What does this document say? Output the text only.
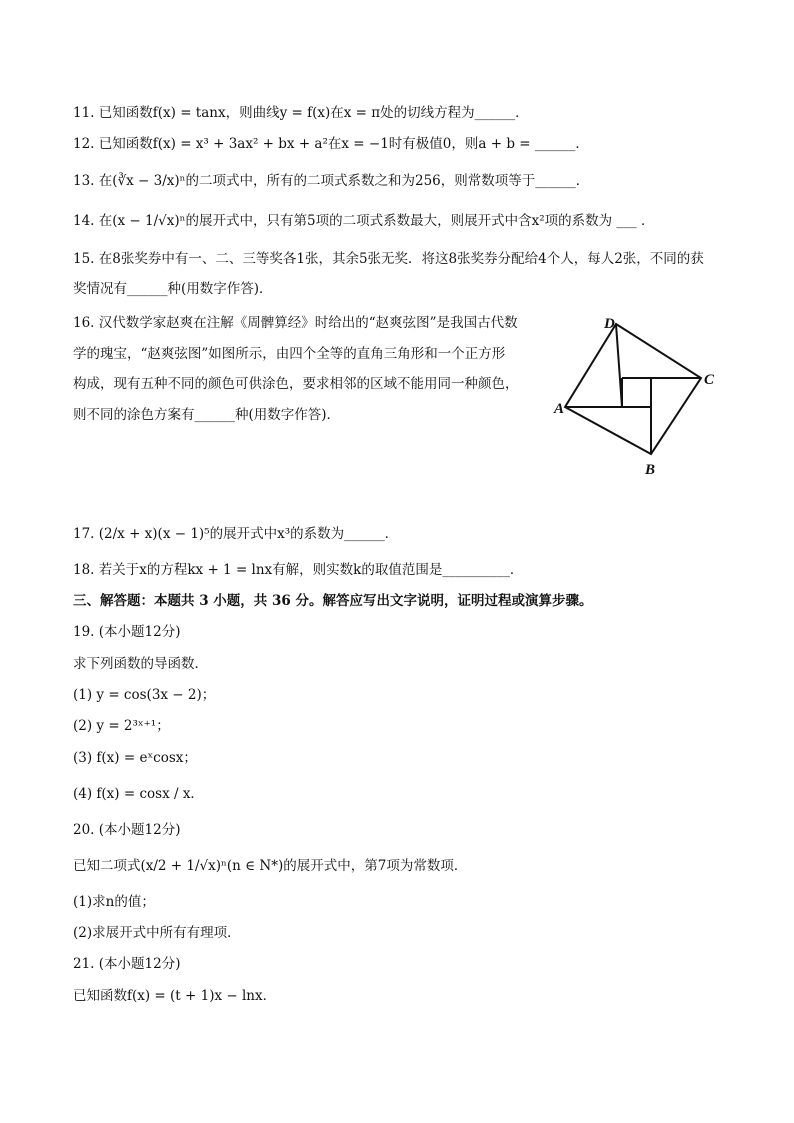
11. 已知函数f(x) = tanx，则曲线y = f(x)在x = π处的切线方程为______．
12. 已知函数f(x) = x³ + 3ax² + bx + a²在x = −1时有极值0，则a + b = ______．
13. 在(∛x − 3/x)ⁿ的二项式中，所有的二项式系数之和为256，则常数项等于______．
14. 在(x − 1/√x)ⁿ的展开式中，只有第5项的二项式系数最大，则展开式中含x²项的系数为 ___ ．
15. 在8张奖券中有一、二、三等奖各1张，其余5张无奖．将这8张奖券分配给4个人，每人2张，不同的获
奖情况有______种(用数字作答)．
16. 汉代数学家赵爽在注解《周髀算经》时给出的“赵爽弦图”是我国古代数
学的瑰宝，“赵爽弦图”如图所示，由四个全等的直角三角形和一个正方形
构成，现有五种不同的颜色可供涂色，要求相邻的区域不能用同一种颜色，
则不同的涂色方案有______种(用数字作答)．
D
C
A
B
17. (2/x + x)(x − 1)⁵的展开式中x³的系数为______．
18. 若关于x的方程kx + 1 = lnx有解，则实数k的取值范围是__________．
三、解答题：本题共 3 小题，共 36 分。解答应写出文字说明，证明过程或演算步骤。
19. (本小题12分)
求下列函数的导函数．
(1) y = cos(3x − 2)；
(2) y = 2³ˣ⁺¹；
(3) f(x) = eˣcosx；
(4) f(x) = cosx / x．
20. (本小题12分)
已知二项式(x/2 + 1/√x)ⁿ(n ∈ N*)的展开式中，第7项为常数项．
(1)求n的值；
(2)求展开式中所有有理项．
21. (本小题12分)
已知函数f(x) = (t + 1)x − lnx．
